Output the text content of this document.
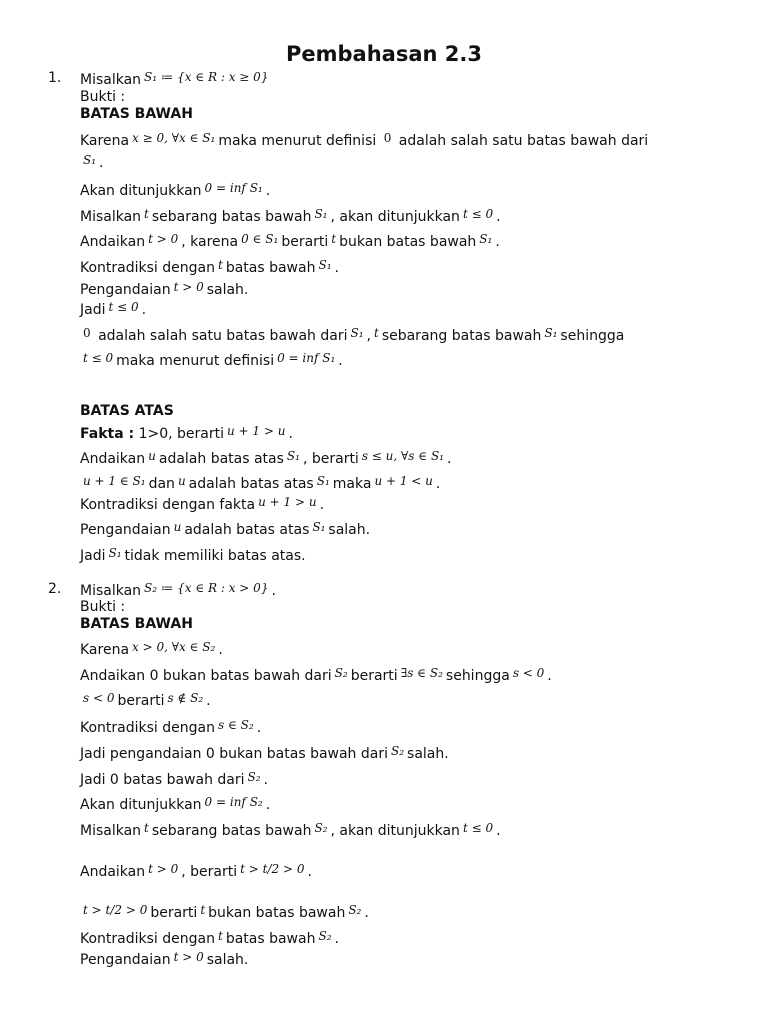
Pembahasan 2.3
1.
2.
Misalkan S₁ ≔ {x ∈ R : x ≥ 0}
Bukti :
BATAS BAWAH
Karena x ≥ 0, ∀x ∈ S₁ maka menurut definisi 0 adalah salah satu batas bawah dari
S₁ .
Akan ditunjukkan 0 = inf S₁ .
Misalkan t sebarang batas bawah S₁ , akan ditunjukkan t ≤ 0 .
Andaikan t > 0 , karena 0 ∈ S₁ berarti t bukan batas bawah S₁ .
Kontradiksi dengan t batas bawah S₁ .
Pengandaian t > 0 salah.
Jadi t ≤ 0 .
0 adalah salah satu batas bawah dari S₁ , t sebarang batas bawah S₁ sehingga
t ≤ 0 maka menurut definisi 0 = inf S₁ .
BATAS ATAS
Fakta : 1>0, berarti u + 1 > u .
Andaikan u adalah batas atas S₁ , berarti s ≤ u, ∀s ∈ S₁ .
u + 1 ∈ S₁ dan u adalah batas atas S₁ maka u + 1 < u .
Kontradiksi dengan fakta u + 1 > u .
Pengandaian u adalah batas atas S₁ salah.
Jadi S₁ tidak memiliki batas atas.
Misalkan S₂ ≔ {x ∈ R : x > 0} .
Bukti :
BATAS BAWAH
Karena x > 0, ∀x ∈ S₂ .
Andaikan 0 bukan batas bawah dari S₂ berarti ∃s ∈ S₂ sehingga s < 0 .
s < 0 berarti s ∉ S₂ .
Kontradiksi dengan s ∈ S₂ .
Jadi pengandaian 0 bukan batas bawah dari S₂ salah.
Jadi 0 batas bawah dari S₂ .
Akan ditunjukkan 0 = inf S₂ .
Misalkan t sebarang batas bawah S₂ , akan ditunjukkan t ≤ 0 .
Andaikan t > 0 , berarti t > t/2 > 0 .
t > t/2 > 0 berarti t bukan batas bawah S₂ .
Kontradiksi dengan t batas bawah S₂ .
Pengandaian t > 0 salah.
